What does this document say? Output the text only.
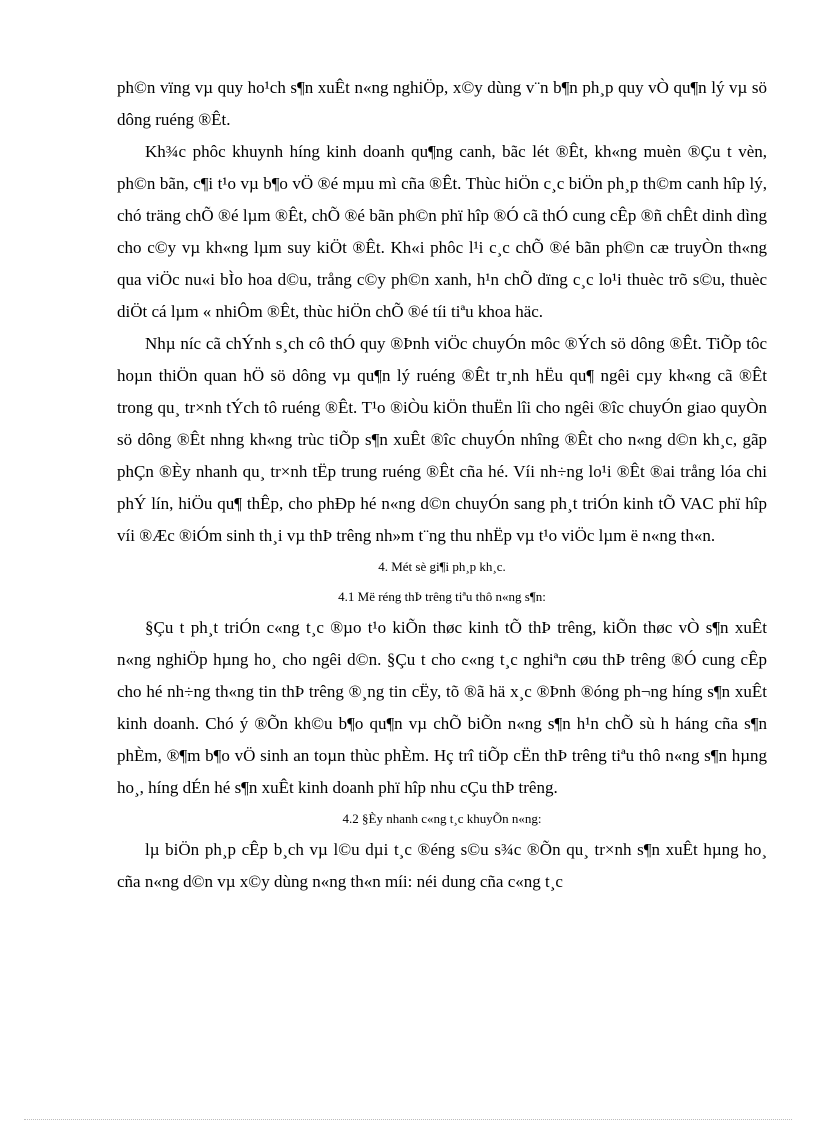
ph©n vïng vµ quy ho¹ch s¶n xuÊt n«ng nghiÖp, x©y dùng v¨n b¶n ph¸p quy vÒ qu¶n lý vµ sö dông ruéng ®Êt.

Kh¾c phôc khuynh híng kinh doanh qu¶ng canh, bãc lét ®Êt, kh«ng muèn ®Çu t vèn, ph©n bãn, c¶i t¹o vµ b¶o vÖ ®é mµu mì cña ®Êt. Thùc hiÖn c¸c biÖn ph¸p th©m canh hîp lý, chó träng chÕ ®é lµm ®Êt, chÕ ®é bãn ph©n phï hîp ®Ó cã thÓ cung cÊp ®ñ chÊt dinh dìng cho c©y vµ kh«ng lµm suy kiÖt ®Êt. Kh«i phôc l¹i c¸c chÕ ®é bãn ph©n cæ truyÒn th«ng qua viÖc nu«i bÌo hoa d©u, trång c©y ph©n xanh, h¹n chÕ dïng c¸c lo¹i thuèc trõ s©u, thuèc diÖt cá lµm « nhiÔm ®Êt, thùc hiÖn chÕ ®é tíi tiªu khoa häc.

Nhµ níc cã chÝnh s¸ch cô thÓ quy ®Þnh viÖc chuyÓn môc ®Ých sö dông ®Êt. TiÕp tôc hoµn thiÖn quan hÖ sö dông vµ qu¶n lý ruéng ®Êt tr¸nh hËu qu¶ ngêi cµy kh«ng cã ®Êt trong qu¸ tr×nh tÝch tô ruéng ®Êt. T¹o ®iÒu kiÖn thuËn lîi cho ngêi ®îc chuyÓn giao quyÒn sö dông ®Êt nhng kh«ng trùc tiÕp s¶n xuÊt ®îc chuyÓn nhîng ®Êt cho n«ng d©n kh¸c, gãp phÇn ®Èy nhanh qu¸ tr×nh tËp trung ruéng ®Êt cña hé. Víi nh÷ng lo¹i ®Êt ®ai trång lóa chi phÝ lín, hiÖu qu¶ thÊp, cho phÐp hé n«ng d©n chuyÓn sang ph¸t triÓn kinh tÕ VAC phï hîp víi ®Æc ®iÓm sinh th¸i vµ thÞ trêng nh»m t¨ng thu nhËp vµ t¹o viÖc lµm ë n«ng th«n.

4. Mét sè gi¶i ph¸p kh¸c.

4.1 Më réng thÞ trêng tiªu thô n«ng s¶n:

§Çu t ph¸t triÓn c«ng t¸c ®µo t¹o kiÕn thøc kinh tÕ thÞ trêng, kiÕn thøc vÒ s¶n xuÊt n«ng nghiÖp hµng ho¸ cho ngêi d©n. §Çu t cho c«ng t¸c nghiªn cøu thÞ trêng ®Ó cung cÊp cho hé nh÷ng th«ng tin thÞ trêng ®¸ng tin cËy, tõ ®ã hä x¸c ®Þnh ®óng ph¬ng híng s¶n xuÊt kinh doanh. Chó ý ®Õn kh©u b¶o qu¶n vµ chÕ biÕn n«ng s¶n h¹n chÕ sù h háng cña s¶n phÈm, ®¶m b¶o vÖ sinh an toµn thùc phÈm. Hç trî tiÕp cËn thÞ trêng tiªu thô n«ng s¶n hµng ho¸, híng dÉn hé s¶n xuÊt kinh doanh phï hîp nhu cÇu thÞ trêng.

4.2 §Èy nhanh c«ng t¸c khuyÕn n«ng:

lµ biÖn ph¸p cÊp b¸ch vµ l©u dµi t¸c ®éng s©u s¾c ®Õn qu¸ tr×nh s¶n xuÊt hµng ho¸ cña n«ng d©n vµ x©y dùng n«ng th«n míi: néi dung cña c«ng t¸c
